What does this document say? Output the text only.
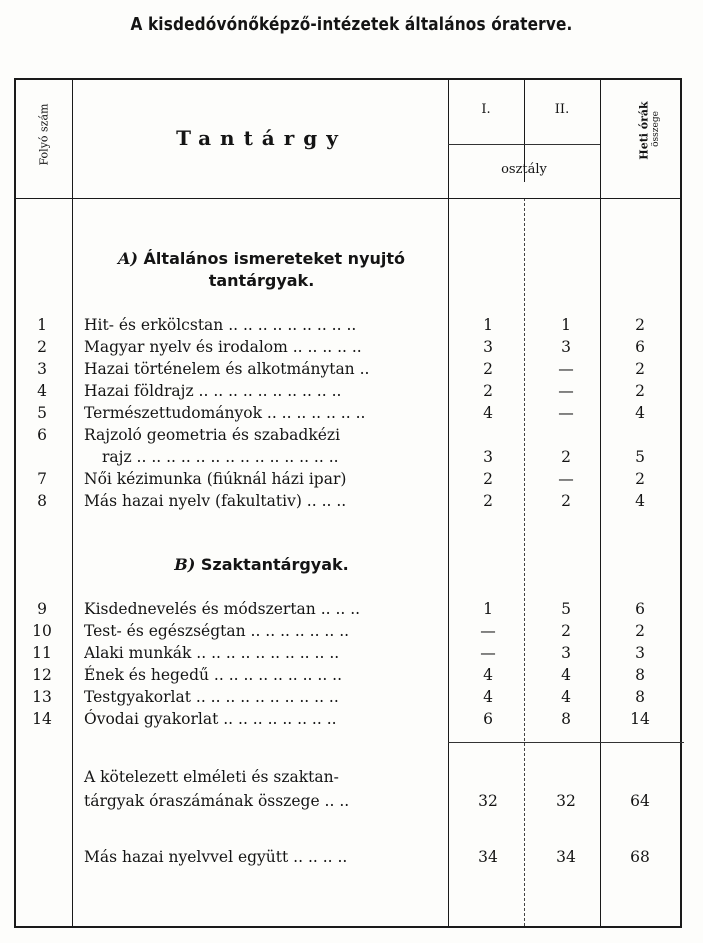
A kisdedóvónőképző-intézetek általános óraterve.
Folyó szám	Tantárgy
I.	II.
osztály
Heti órák összege
A) Általános ismereteket nyujtó tantárgyak.
1	Hit- és erkölcstan .. .. .. .. .. .. .. .. ..	1	1	2
2	Magyar nyelv és irodalom .. .. .. .. ..	3	3	6
3	Hazai történelem és alkotmánytan ..	2	—	2
4	Hazai földrajz .. .. .. .. .. .. .. .. .. ..	2	—	2
5	Természettudományok .. .. .. .. .. .. ..	4	—	4
6	Rajzoló geometria és szabadkézi
rajz .. .. .. .. .. .. .. .. .. .. .. .. .. ..	3	2	5
7	Női kézimunka (fiúknál házi ipar)	2	—	2
8	Más hazai nyelv (fakultativ) .. .. ..	2	2	4
B) Szaktantárgyak.
9	Kisdednevelés és módszertan .. .. ..	1	5	6
10	Test- és egészségtan .. .. .. .. .. .. ..	—	2	2
11	Alaki munkák .. .. .. .. .. .. .. .. .. ..	—	3	3
12	Ének és hegedű .. .. .. .. .. .. .. .. ..	4	4	8
13	Testgyakorlat .. .. .. .. .. .. .. .. .. ..	4	4	8
14	Óvodai gyakorlat .. .. .. .. .. .. .. ..	6	8	14
A kötelezett elméleti és szaktan-
tárgyak óraszámának összege .. ..	32	32	64
Más hazai nyelvvel együtt .. .. .. ..	34	34	68
